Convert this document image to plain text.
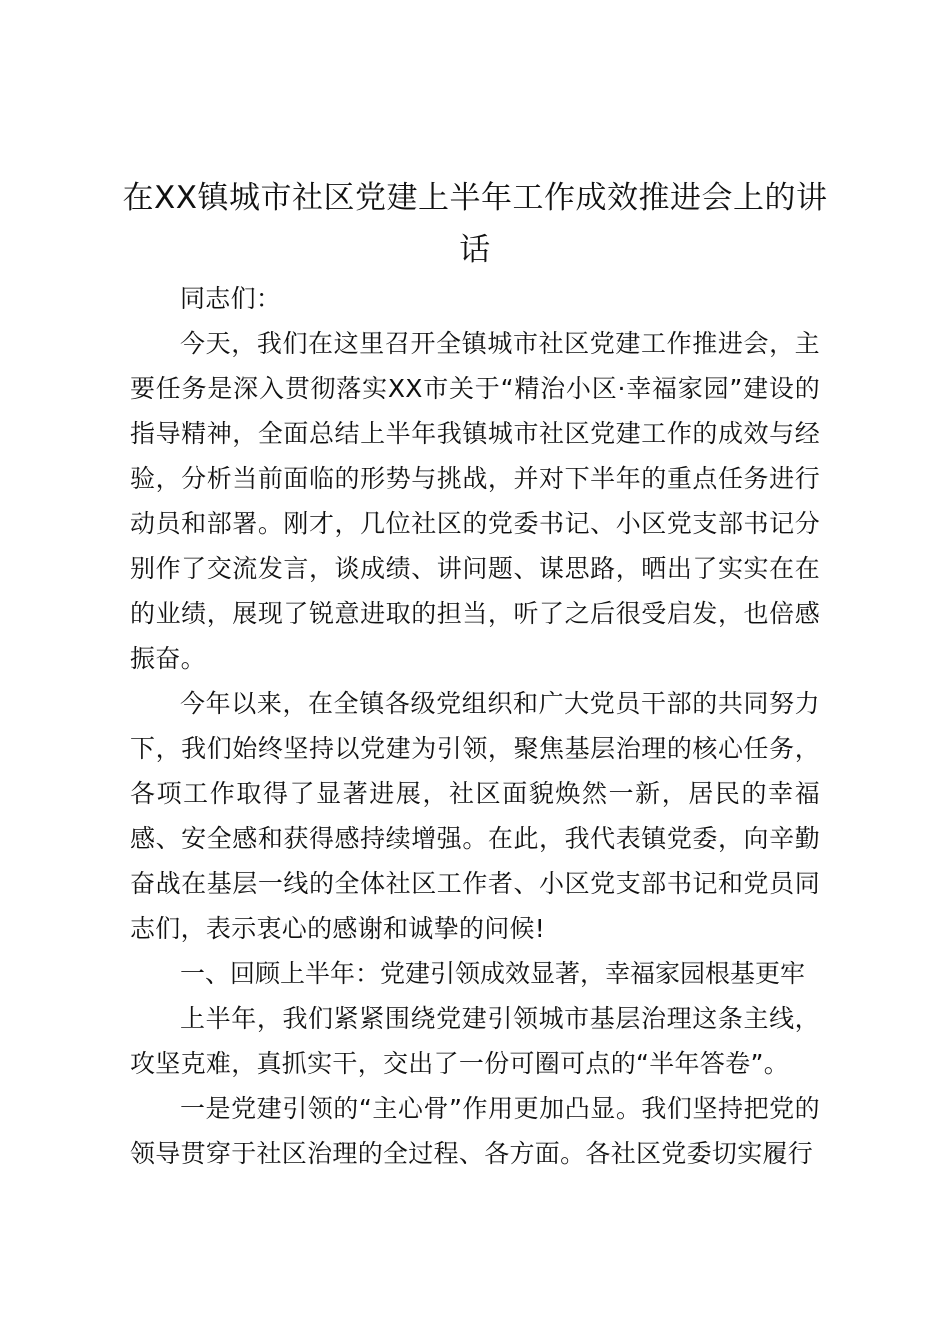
在XX镇城市社区党建上半年工作成效推进会上的讲话

同志们：

今天，我们在这里召开全镇城市社区党建工作推进会，主要任务是深入贯彻落实XX市关于“精治小区·幸福家园”建设的指导精神，全面总结上半年我镇城市社区党建工作的成效与经验，分析当前面临的形势与挑战，并对下半年的重点任务进行动员和部署。刚才，几位社区的党委书记、小区党支部书记分别作了交流发言，谈成绩、讲问题、谋思路，晒出了实实在在的业绩，展现了锐意进取的担当，听了之后很受启发，也倍感振奋。

今年以来，在全镇各级党组织和广大党员干部的共同努力下，我们始终坚持以党建为引领，聚焦基层治理的核心任务，各项工作取得了显著进展，社区面貌焕然一新，居民的幸福感、安全感和获得感持续增强。在此，我代表镇党委，向辛勤奋战在基层一线的全体社区工作者、小区党支部书记和党员同志们，表示衷心的感谢和诚挚的问候!

一、回顾上半年：党建引领成效显著，幸福家园根基更牢

上半年，我们紧紧围绕党建引领城市基层治理这条主线，攻坚克难，真抓实干，交出了一份可圈可点的“半年答卷”。

一是党建引领的“主心骨”作用更加凸显。我们坚持把党的领导贯穿于社区治理的全过程、各方面。各社区党委切实履行
